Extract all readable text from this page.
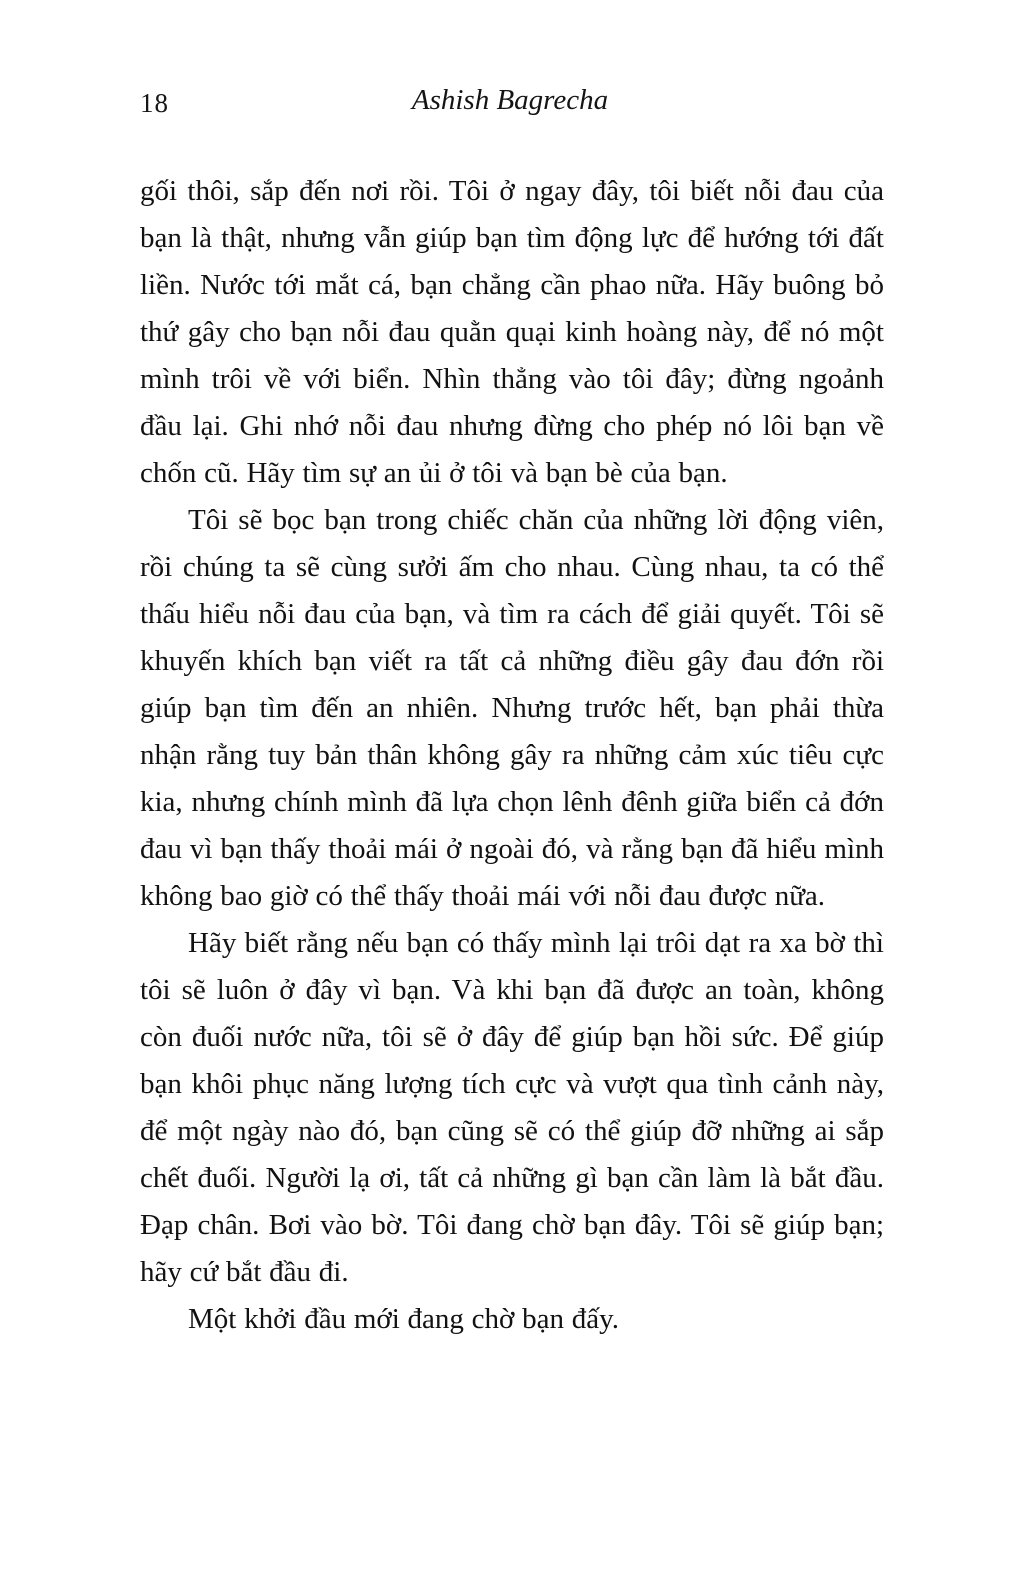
18	Ashish Bagrecha

gối thôi, sắp đến nơi rồi. Tôi ở ngay đây, tôi biết nỗi đau của bạn là thật, nhưng vẫn giúp bạn tìm động lực để hướng tới đất liền. Nước tới mắt cá, bạn chẳng cần phao nữa. Hãy buông bỏ thứ gây cho bạn nỗi đau quằn quại kinh hoàng này, để nó một mình trôi về với biển. Nhìn thẳng vào tôi đây; đừng ngoảnh đầu lại. Ghi nhớ nỗi đau nhưng đừng cho phép nó lôi bạn về chốn cũ. Hãy tìm sự an ủi ở tôi và bạn bè của bạn.

Tôi sẽ bọc bạn trong chiếc chăn của những lời động viên, rồi chúng ta sẽ cùng sưởi ấm cho nhau. Cùng nhau, ta có thể thấu hiểu nỗi đau của bạn, và tìm ra cách để giải quyết. Tôi sẽ khuyến khích bạn viết ra tất cả những điều gây đau đớn rồi giúp bạn tìm đến an nhiên. Nhưng trước hết, bạn phải thừa nhận rằng tuy bản thân không gây ra những cảm xúc tiêu cực kia, nhưng chính mình đã lựa chọn lênh đênh giữa biển cả đớn đau vì bạn thấy thoải mái ở ngoài đó, và rằng bạn đã hiểu mình không bao giờ có thể thấy thoải mái với nỗi đau được nữa.

Hãy biết rằng nếu bạn có thấy mình lại trôi dạt ra xa bờ thì tôi sẽ luôn ở đây vì bạn. Và khi bạn đã được an toàn, không còn đuối nước nữa, tôi sẽ ở đây để giúp bạn hồi sức. Để giúp bạn khôi phục năng lượng tích cực và vượt qua tình cảnh này, để một ngày nào đó, bạn cũng sẽ có thể giúp đỡ những ai sắp chết đuối. Người lạ ơi, tất cả những gì bạn cần làm là bắt đầu. Đạp chân. Bơi vào bờ. Tôi đang chờ bạn đây. Tôi sẽ giúp bạn; hãy cứ bắt đầu đi.

Một khởi đầu mới đang chờ bạn đấy.
